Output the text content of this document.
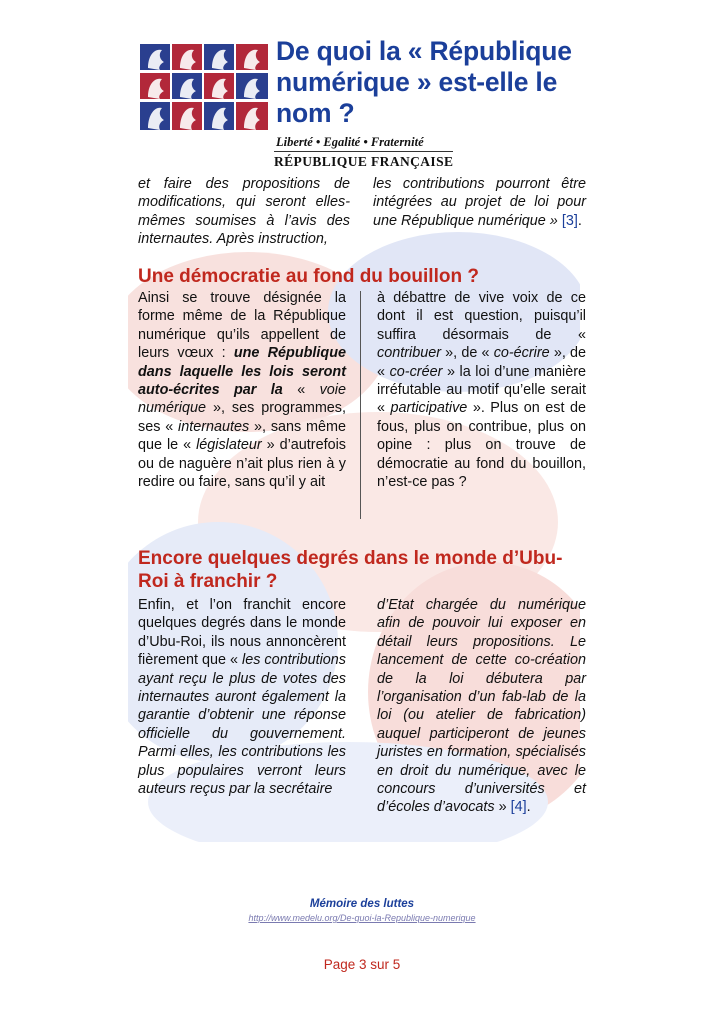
De quoi la « République numérique » est-elle le nom ?
Liberté • Egalité • Fraternité
RÉPUBLIQUE FRANÇAISE

et faire des propositions de modifications, qui seront elles-mêmes soumises à l’avis des internautes. Après instruction,

les contributions pourront être intégrées au projet de loi pour une République numérique » [3].

Une démocratie au fond du bouillon ?

Ainsi se trouve désignée la forme même de la République numérique qu’ils appellent de leurs vœux : une République dans laquelle les lois seront auto-écrites par la « voie numérique », ses programmes, ses « internautes », sans même que le « législateur » d’autrefois ou de naguère n’ait plus rien à y redire ou faire, sans qu’il y ait

à débattre de vive voix de ce dont il est question, puisqu’il suffira désormais de « contribuer », de « co-écrire », de « co-créer » la loi d’une manière irréfutable au motif qu’elle serait « participative ». Plus on est de fous, plus on contribue, plus on opine : plus on trouve de démocratie au fond du bouillon, n’est-ce pas ?

Encore quelques degrés dans le monde d’Ubu-Roi à franchir ?

Enfin, et l’on franchit encore quelques degrés dans le monde d’Ubu-Roi, ils nous annoncèrent fièrement que « les contributions ayant reçu le plus de votes des internautes auront également la garantie d’obtenir une réponse officielle du gouvernement. Parmi elles, les contributions les plus populaires verront leurs auteurs reçus par la secrétaire

d’Etat chargée du numérique afin de pouvoir lui exposer en détail leurs propositions. Le lancement de cette co-création de la loi débutera par l’organisation d’un fab-lab de la loi (ou atelier de fabrication) auquel participeront de jeunes juristes en formation, spécialisés en droit du numérique, avec le concours d’universités et d’écoles d’avocats » [4].

Mémoire des luttes
http://www.medelu.org/De-quoi-la-Republique-numerique
Page 3 sur 5
